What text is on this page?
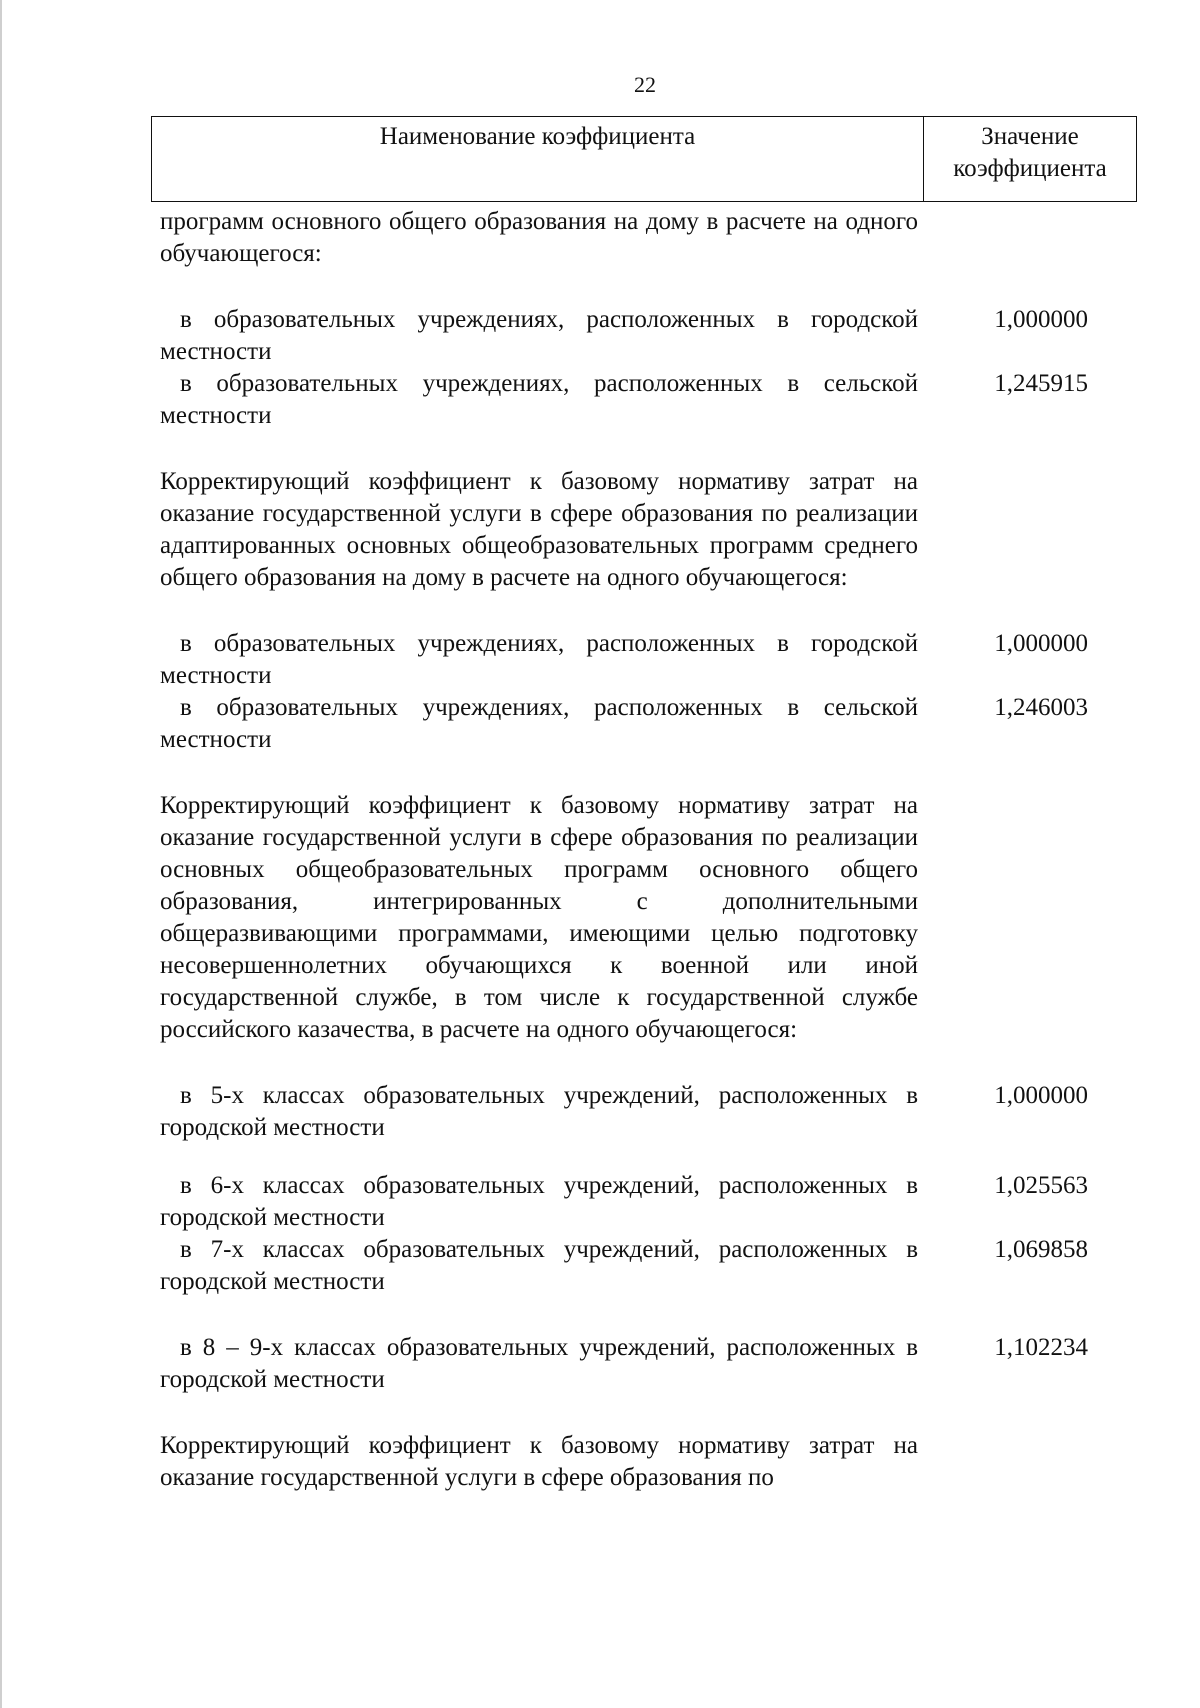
22
Наименование коэффициента	Значение коэффициента
программ основного общего образования на дому в расчете на одного обучающегося:
в образовательных учреждениях, расположенных в городской местности
1,000000
в образовательных учреждениях, расположенных в сельской местности
1,245915
Корректирующий коэффициент к базовому нормативу затрат на оказание государственной услуги в сфере образования по реализации адаптированных основных общеобразовательных программ среднего общего образования на дому в расчете на одного обучающегося:
в образовательных учреждениях, расположенных в городской местности
1,000000
в образовательных учреждениях, расположенных в сельской местности
1,246003
Корректирующий коэффициент к базовому нормативу затрат на оказание государственной услуги в сфере образования по реализации основных общеобразовательных программ основного общего образования, интегрированных с дополнительными общеразвивающими программами, имеющими целью подготовку несовершеннолетних обучающихся к военной или иной государственной службе, в том числе к государственной службе российского казачества, в расчете на одного обучающегося:
в 5-х классах образовательных учреждений, расположенных в городской местности
1,000000
в 6-х классах образовательных учреждений, расположенных в городской местности
1,025563
в 7-х классах образовательных учреждений, расположенных в городской местности
1,069858
в 8 – 9-х классах образовательных учреждений, расположенных в городской местности
1,102234
Корректирующий коэффициент к базовому нормативу затрат на оказание государственной услуги в сфере образования по
